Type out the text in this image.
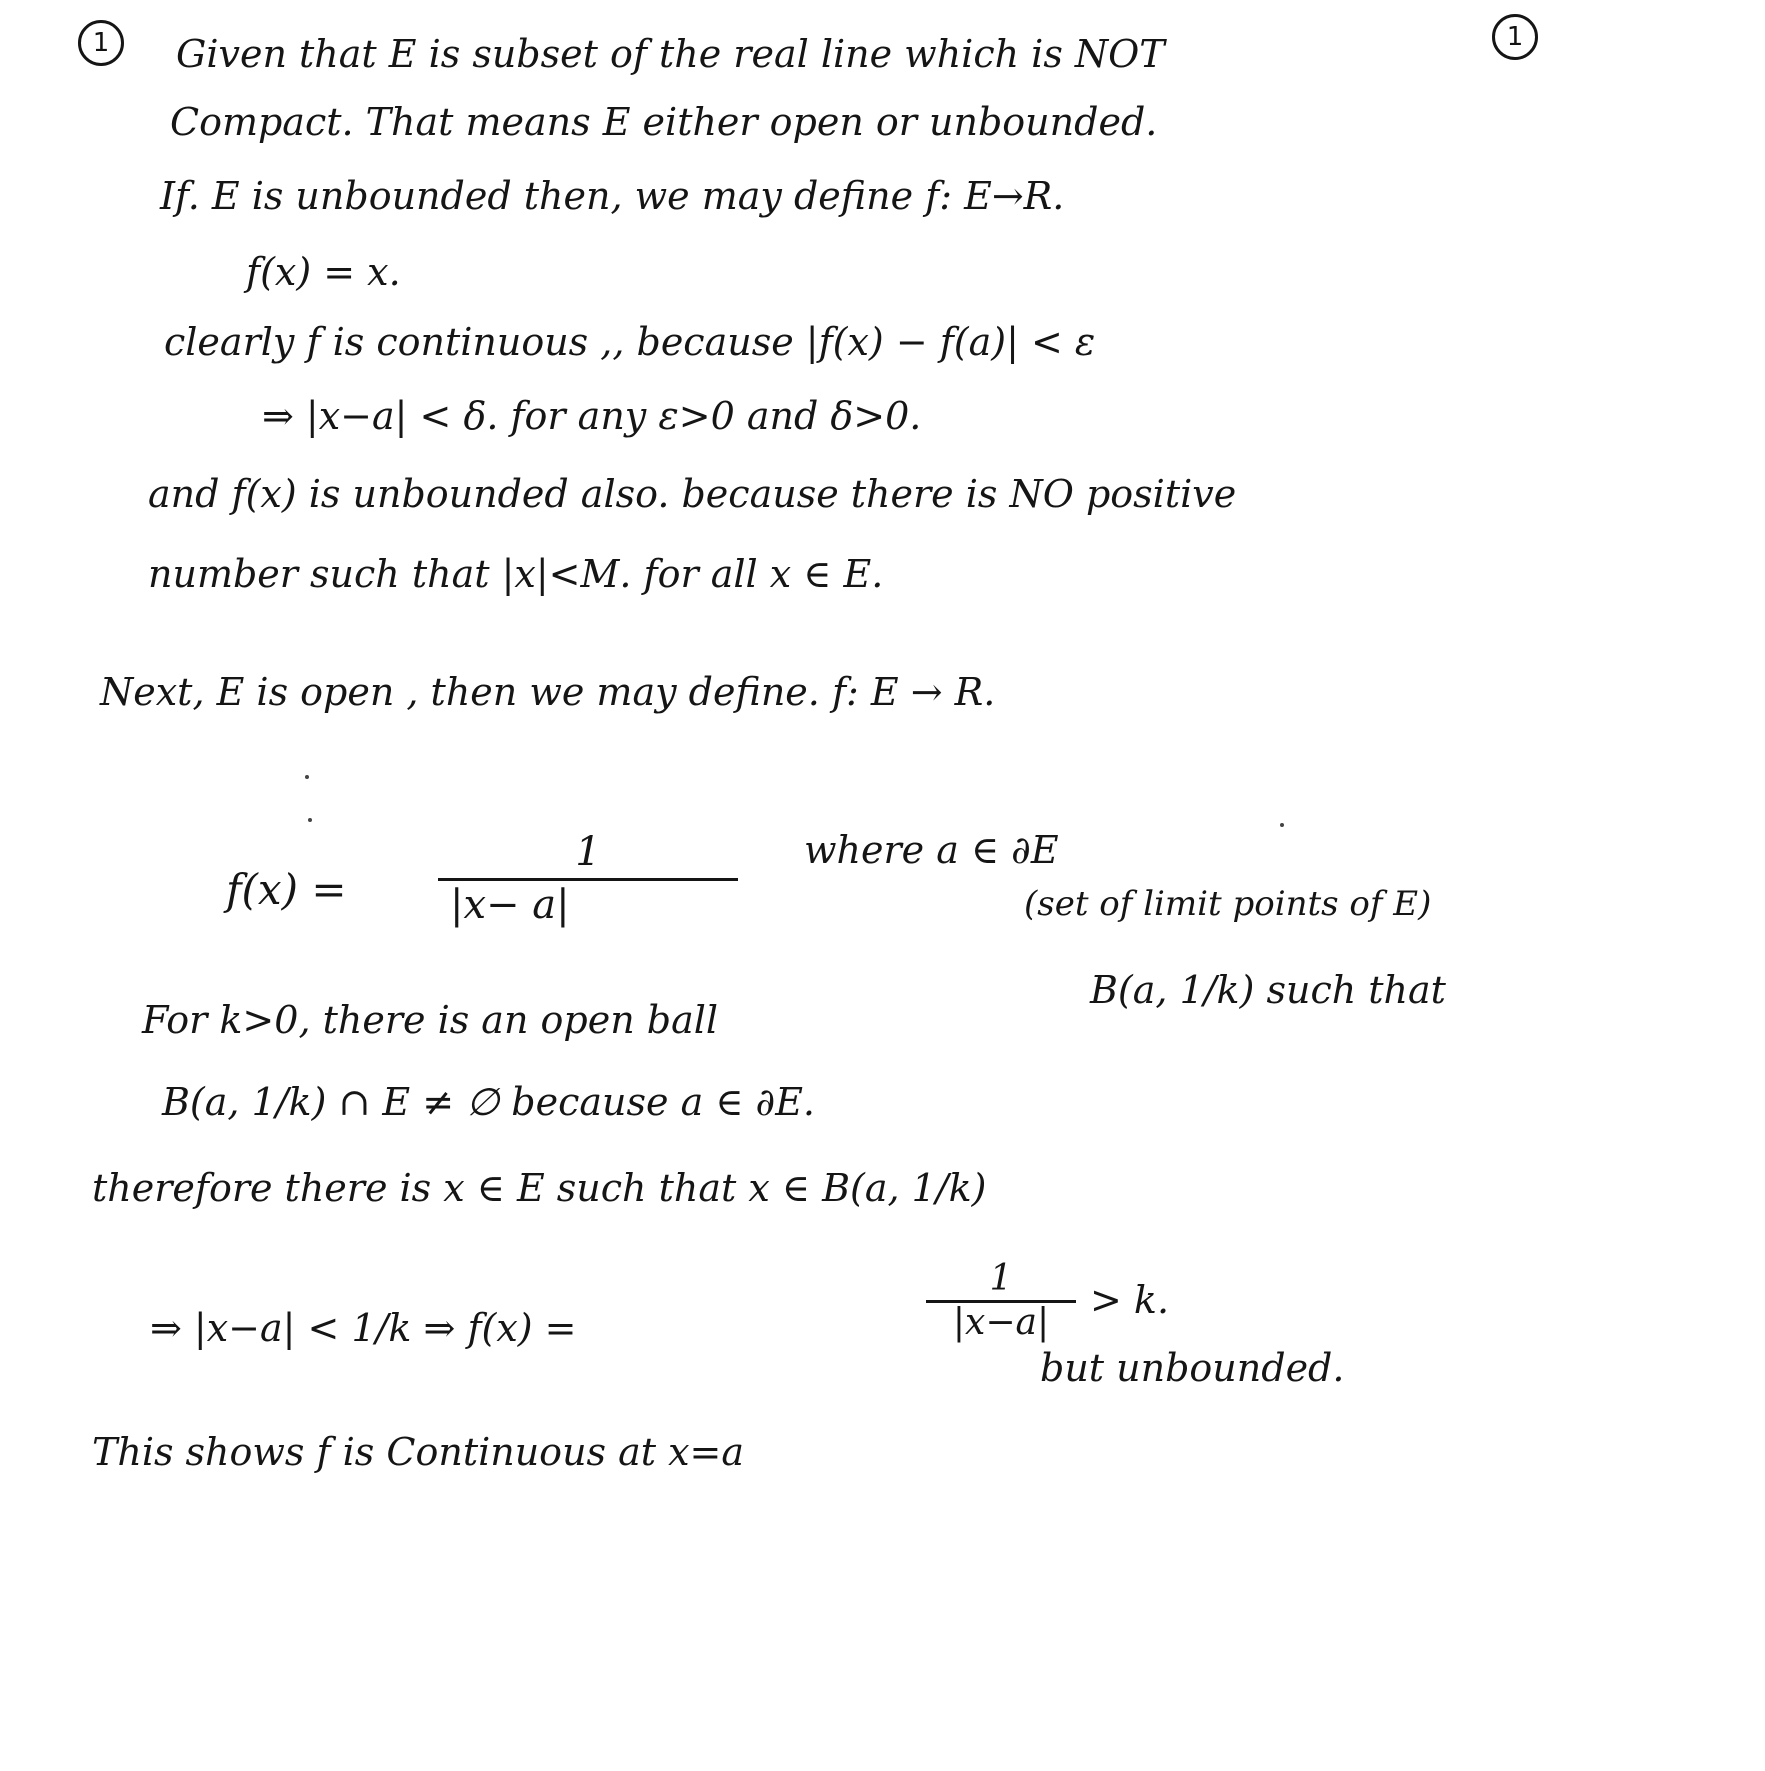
1	1
Given that E is subset of the real line which is NOT
Compact. That means E either open or unbounded.
If. E is unbounded then, we may define f: E→R.
f(x) = x.
clearly f is continuous ,, because |f(x) − f(a)| < ε
⇒ |x−a| < δ. for any ε>0 and δ>0.
and f(x) is unbounded also. because there is NO positive
number such that |x|<M. for all x ∈ E.
Next, E is open , then we may define. f: E → R.
f(x) =
1
|x− a|
where a ∈ ∂E
(set of limit points of E)
For k>0, there is an open ball
B(a, 1/k) such that
B(a, 1/k) ∩ E ≠ ∅ because a ∈ ∂E.
therefore there is x ∈ E such that x ∈ B(a, 1/k)
⇒ |x−a| < 1/k ⇒ f(x) =
1
|x−a|
> k.
but unbounded.
This shows f is Continuous at x=a
